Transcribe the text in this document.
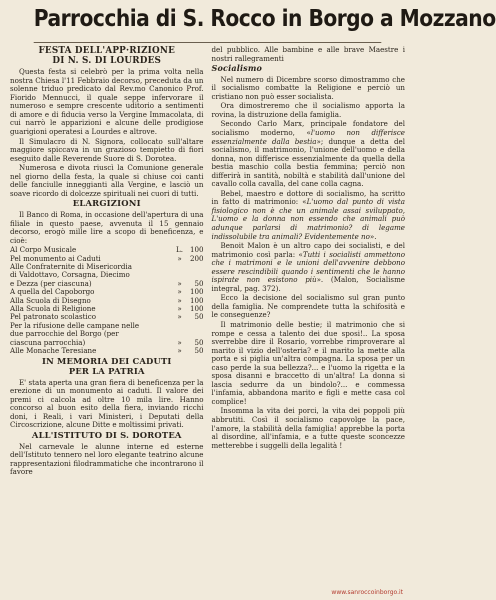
Parrocchia di S. Rocco in Borgo a Mozzano
FESTA DELL'APP·RIZIONE
DI N. S. DI LOURDES

Questa festa si celebrò per la prima volta nella nostra Chiesa l'11 Febbraio decorso, preceduta da un solenne triduo predicato dal Rev.mo Canonico Prof. Fiorido Mennucci, il quale seppe infervorare il numeroso e sempre crescente uditorio a sentimenti di amore e di fiducia verso la Vergine Immacolata, di cui narrò le apparizioni e alcune delle prodigiose guarigioni operatesi a Lourdes e altrove.

Il Simulacro di N. Signora, collocato sull'altare maggiore spiccava in un grazioso tempietto di fiori eseguito dalle Reverende Suore di S. Dorotea.

Numerosa e divota riuscì la Comunione generale nel giorno della festa, la quale si chiuse coi canti delle fanciulle inneggianti alla Vergine, e lasciò un soave ricordo di dolcezze spirituali nei cuori di tutti.

ELARGIZIONI

Il Banco di Roma, in occasione dell'apertura di una filiale in questo paese, avvenuta il 15 gennaio decorso, erogò mille lire a scopo di beneficenza, e cioè:

Al Corpo Musicale	L. 100
Pel monumento ai Caduti	»	200
Alle Confraternite di Misericordia
di Valdottavo, Corsagna, Diecimo
e Dezza (per ciascuna)	»	50
A quella del Capoborgo	»	100
Alla Scuola di Disegno	»	100
Alla Scuola di Religione	»	100
Pel patronato scolastico	»	50
Per la rifusione delle campane nelle
due parrocchie del Borgo (per
ciascuna parrocchia)	»	50
Alle Monache Teresiane	»	50
IN MEMORIA DEI CADUTI
PER LA PATRIA

E' stata aperta una gran fiera di beneficenza per la erezione di un monumento ai caduti. Il valore dei premi ci calcola ad oltre 10 mila lire. Hanno concorso al buon esito della fiera, inviando ricchi doni, i Reali, i vari Ministeri, i Deputati della Circoscrizione, alcune Ditte e moltissimi privati.

ALL'ISTITUTO DI S. DOROTEA

Nel carnevale le alunne interne ed esterne dell'Istituto tennero nel loro elegante teatrino alcune rappresentazioni filodrammatiche che incontrarono il favore

del pubblico. Alle bambine e alle brave Maestre i nostri rallegramenti

Socialismo

Nel numero di Dicembre scorso dimostrammo che il socialismo combatte la Religione e perciò un cristiano non può esser socialista.

Ora dimostreremo che il socialismo apporta la rovina, la distruzione della famiglia.

Secondo Carlo Marx, principale fondatore del socialismo moderno, «l'uomo non differisce essenzialmente dalla bestia»; dunque a detta del socialismo, il matrimonio, l'unione dell'uomo e della donna, non differisce essenzialmente da quella della bestia maschio colla bestia femmina; perciò non differirà in santità, nobiltà e stabilità dall'unione del cavallo colla cavalla, del cane colla cagna.

Bebel, maestro e dottore di socialismo, ha scritto in fatto di matrimonio: «L'uomo dal punto di vista fisiologico non è che un animale assai sviluppato, L'uomo e la donna non essendo che animali può adunque parlarsi di matrimonio? di legame indissolubile tra animali? Evidentemente no».

Benoit Malon è un altro capo dei socialisti, e del matrimonio così parla: «Tutti i socialisti ammettono che i matrimoni e le unioni dell'avvenire debbono essere rescindibili quando i sentimenti che le hanno ispirate non esistono più». (Malon, Socialisme integral, pag. 372).

Ecco la decisione del socialismo sul gran punto della famiglia. Ne comprendete tutta la schifosità e le conseguenze?

Il matrimonio delle bestie; il matrimonio che si rompe e cessa a talento dei due sposi!.. La sposa sverrebbe dire il Rosario, vorrebbe rimproverare al marito il vizio dell'osteria? e il marito la mette alla porta e si piglia un'altra compagna. La sposa per un caso perde la sua bellezza?... e l'uomo la rigetta e la sposa disanni e braccetto di un'altra! La donna si lascia sedurre da un bindolo?... e commessa l'infamia, abbandona marito e figli e mette casa col complice!

Insomma la vita dei porci, la vita dei poppoli più abbrutiti. Così il socialismo capovolge la pace, l'amore, la stabilità della famiglia! apprebbe la porta al disordine, all'infamia, e a tutte queste sconcezze metterebbe i suggelli della legalità !

www.sanroccoinborgo.it
